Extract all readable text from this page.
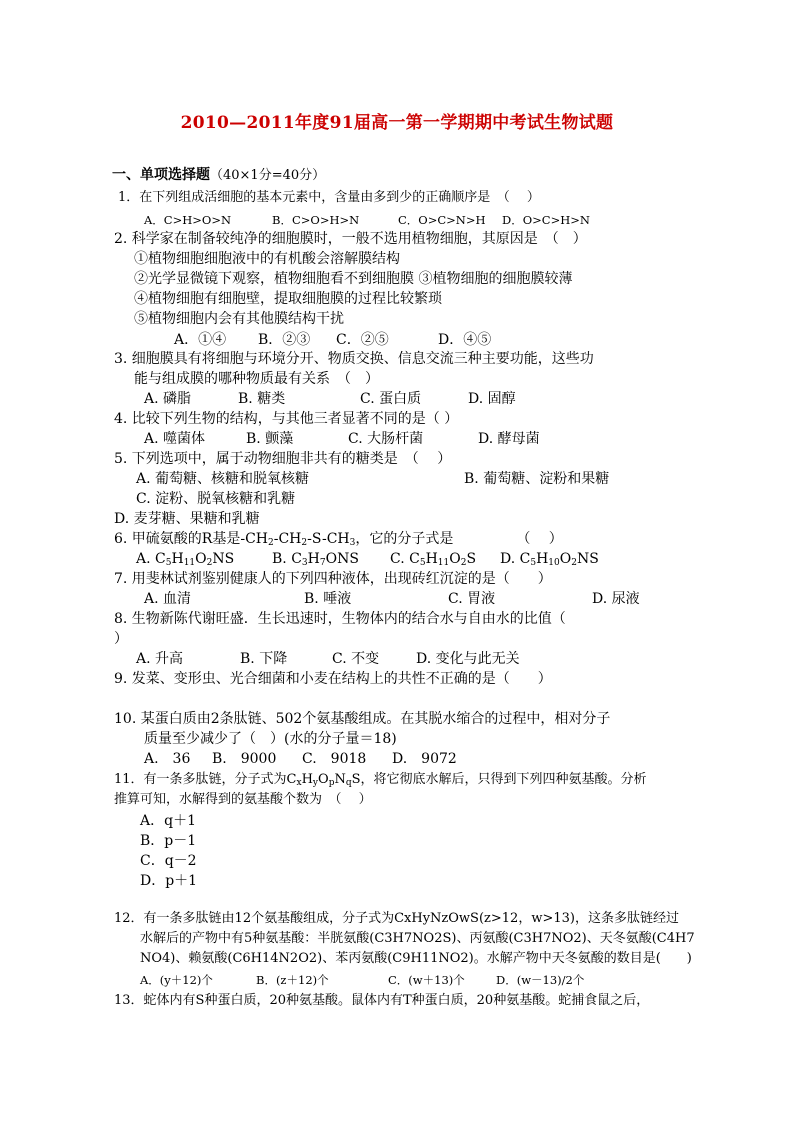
2010—2011年度91届高一第一学期期中考试生物试题
一、单项选择题（40×1分=40分）
1．在下列组成活细胞的基本元素中，含量由多到少的正确顺序是　（　 ）
A．C>H>O>N	B．C>O>H>N	C．O>C>N>H D．O>C>H>N
2. 科学家在制备较纯净的细胞膜时，一般不选用植物细胞，其原因是　（　）
①植物细胞细胞液中的有机酸会溶解膜结构
②光学显微镜下观察，植物细胞看不到细胞膜 ③植物细胞的细胞膜较薄
④植物细胞有细胞壁，提取细胞膜的过程比较繁琐
⑤植物细胞内会有其他膜结构干扰
A．①④ B．②③ C．②⑤	D．④⑤
3. 细胞膜具有将细胞与环境分开、物质交换、信息交流三种主要功能，这些功
能与组成膜的哪种物质最有关系　（　）
A. 磷脂	B. 糖类	C. 蛋白质	D. 固醇
4. 比较下列生物的结构，与其他三者显著不同的是（ ）
A. 噬菌体	B. 颤藻	C. 大肠杆菌	D. 酵母菌
5. 下列选项中，属于动物细胞非共有的糖类是　（　 ）
A. 葡萄糖、核糖和脱氧核糖	B. 葡萄糖、淀粉和果糖
C. 淀粉、脱氧核糖和乳糖
D. 麦芽糖、果糖和乳糖
6. 甲硫氨酸的R基是$-CH_2-CH_2-S-CH_3$，它的分子式是　　　　　（　 ）
A. $C_5H_{11}O_2NS$	B. $C_3H_7ONS$ C. $C_5H_{11}O_2S$ D. $C_5H_{10}O_2NS$
7. 用斐林试剂鉴别健康人的下列四种液体，出现砖红沉淀的是（　　）
A. 血清	B. 唾液	C. 胃液	D. 尿液
8. 生物新陈代谢旺盛．生长迅速时，生物体内的结合水与自由水的比值（
）
A. 升高	B. 下降	C. 不变	D. 变化与此无关
9. 发菜、变形虫、光合细菌和小麦在结构上的共性不正确的是（　　）
10. 某蛋白质由2条肽链、502个氨基酸组成。在其脱水缩合的过程中，相对分子
质量至少减少了（　）(水的分子量＝18)
A.　36 B.　9000 C.　9018 D.　9072
11．有一条多肽链，分子式为$C_xH_yO_pN_qS$，将它彻底水解后，只得到下列四种氨基酸。分析
推算可知，水解得到的氨基酸个数为　（　 ）
A．q＋1
B．p－1
C．q－2
D．p＋1
12．有一条多肽链由12个氨基酸组成，分子式为CxHyNzOwS(z>12，w>13)，这条多肽链经过
水解后的产物中有5种氨基酸：半胱氨酸(C3H7NO2S)、丙氨酸(C3H7NO2)、天冬氨酸(C4H7
NO4)、赖氨酸(C6H14N2O2)、苯丙氨酸(C9H11NO2)。水解产物中天冬氨酸的数目是(　　)
A．(y＋12)个	B．(z＋12)个	C．(w＋13)个	D．(w－13)/2个
13．蛇体内有S种蛋白质，20种氨基酸。鼠体内有T种蛋白质，20种氨基酸。蛇捕食鼠之后，
